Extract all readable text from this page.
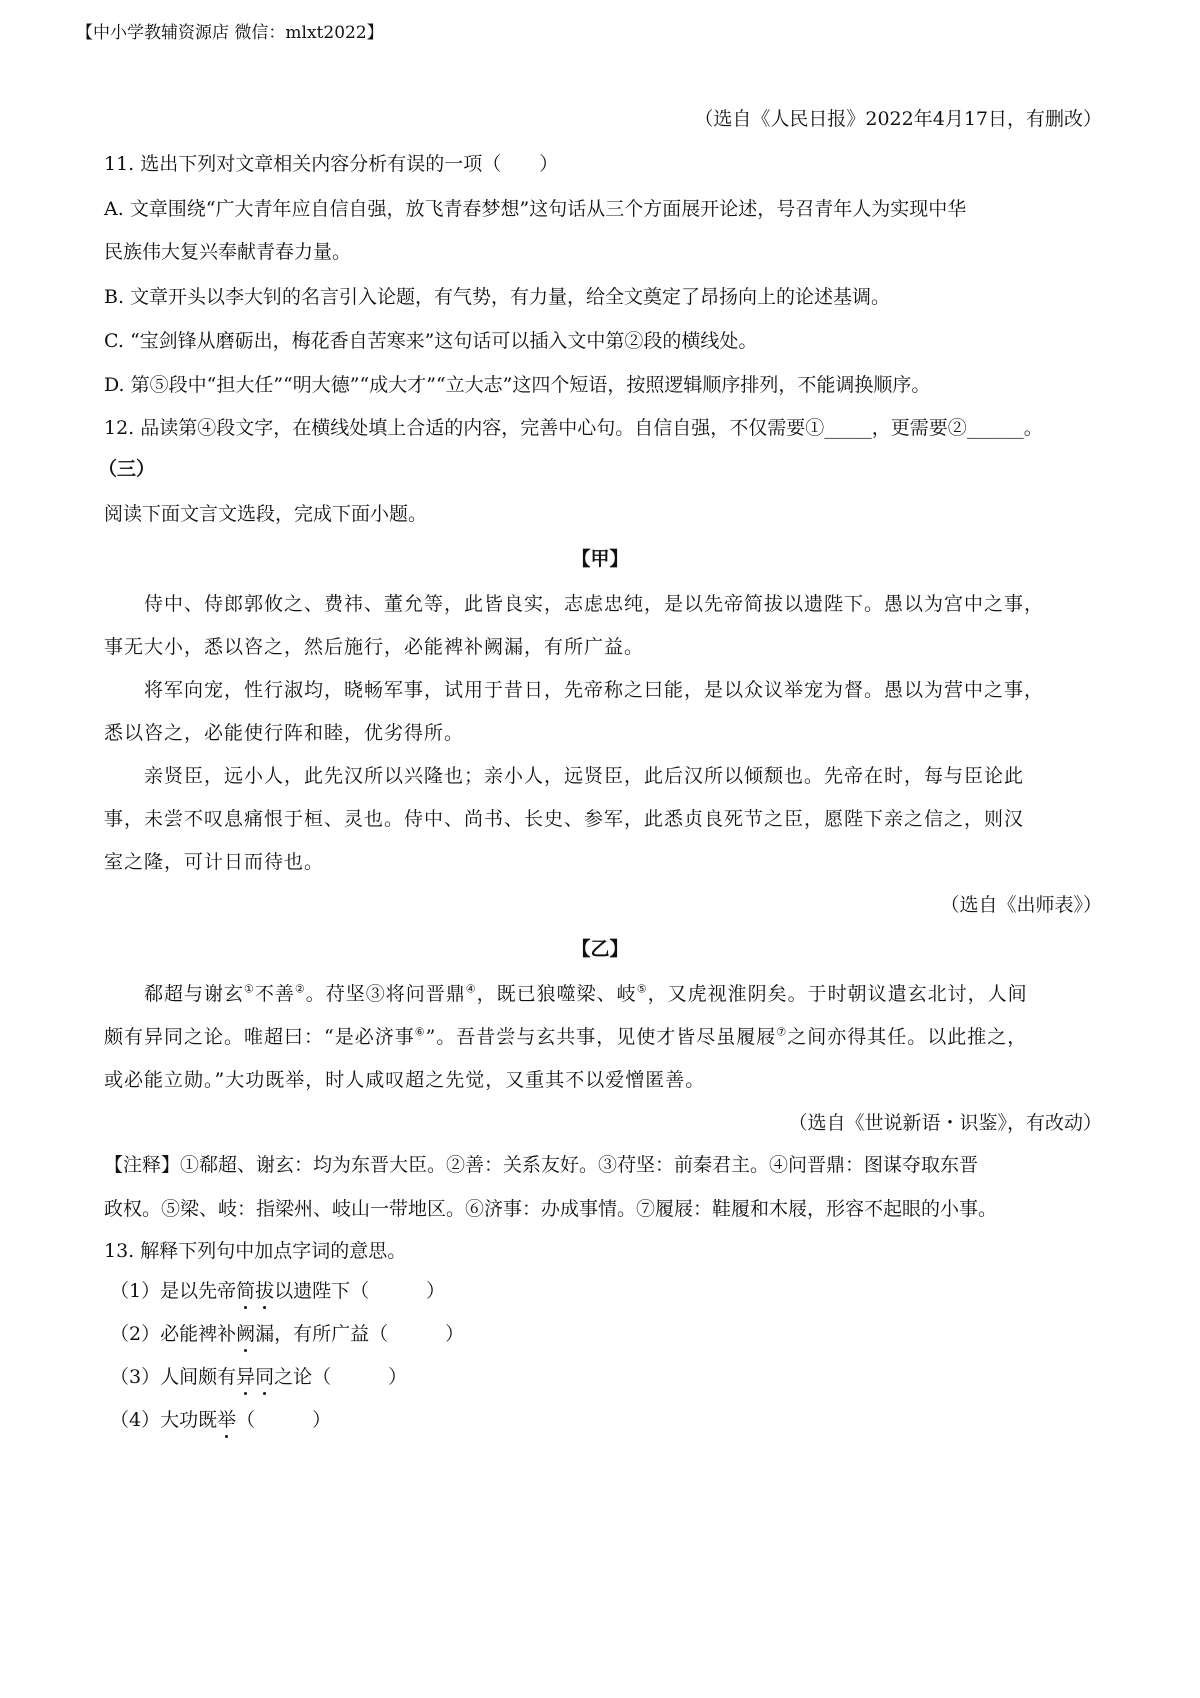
【中小学教辅资源店 微信：mlxt2022】
（选自《人民日报》2022年4月17日，有删改）
11. 选出下列对文章相关内容分析有误的一项（　　）
A. 文章围绕“广大青年应自信自强，放飞青春梦想”这句话从三个方面展开论述，号召青年人为实现中华
民族伟大复兴奉献青春力量。
B. 文章开头以李大钊的名言引入论题，有气势，有力量，给全文奠定了昂扬向上的论述基调。
C. “宝剑锋从磨砺出，梅花香自苦寒来”这句话可以插入文中第②段的横线处。
D. 第⑤段中“担大任”“明大德”“成大才”“立大志”这四个短语，按照逻辑顺序排列，不能调换顺序。
12. 品读第④段文字，在横线处填上合适的内容，完善中心句。自信自强，不仅需要①_____，更需要②______。
（三）
阅读下面文言文选段，完成下面小题。
【甲】
　　侍中、侍郎郭攸之、费祎、董允等，此皆良实，志虑忠纯，是以先帝简拔以遗陛下。愚以为宫中之事，
事无大小，悉以咨之，然后施行，必能裨补阙漏，有所广益。
　　将军向宠，性行淑均，晓畅军事，试用于昔日，先帝称之曰能，是以众议举宠为督。愚以为营中之事，
悉以咨之，必能使行阵和睦，优劣得所。
　　亲贤臣，远小人，此先汉所以兴隆也；亲小人，远贤臣，此后汉所以倾颓也。先帝在时，每与臣论此
事，未尝不叹息痛恨于桓、灵也。侍中、尚书、长史、参军，此悉贞良死节之臣，愿陛下亲之信之，则汉
室之隆，可计日而待也。
（选自《出师表》）
【乙】
　　郗超与谢玄①不善②。苻坚③将问晋鼎④，既已狼噬梁、岐⑤，又虎视淮阴矣。于时朝议遣玄北讨，人间
颇有异同之论。唯超曰：“是必济事⑥”。吾昔尝与玄共事，见使才皆尽虽履屐⑦之间亦得其任。以此推之，
或必能立勋。”大功既举，时人咸叹超之先觉，又重其不以爱憎匿善。
（选自《世说新语・识鉴》，有改动）
【注释】①郗超、谢玄：均为东晋大臣。②善：关系友好。③苻坚：前秦君主。④问晋鼎：图谋夺取东晋
政权。⑤梁、岐：指梁州、岐山一带地区。⑥济事：办成事情。⑦履屐：鞋履和木屐，形容不起眼的小事。
13. 解释下列句中加点字词的意思。
（1）是以先帝简拔以遗陛下（　　　）
（2）必能裨补阙漏，有所广益（　　　）
（3）人间颇有异同之论（　　　）
（4）大功既举（　　　）
